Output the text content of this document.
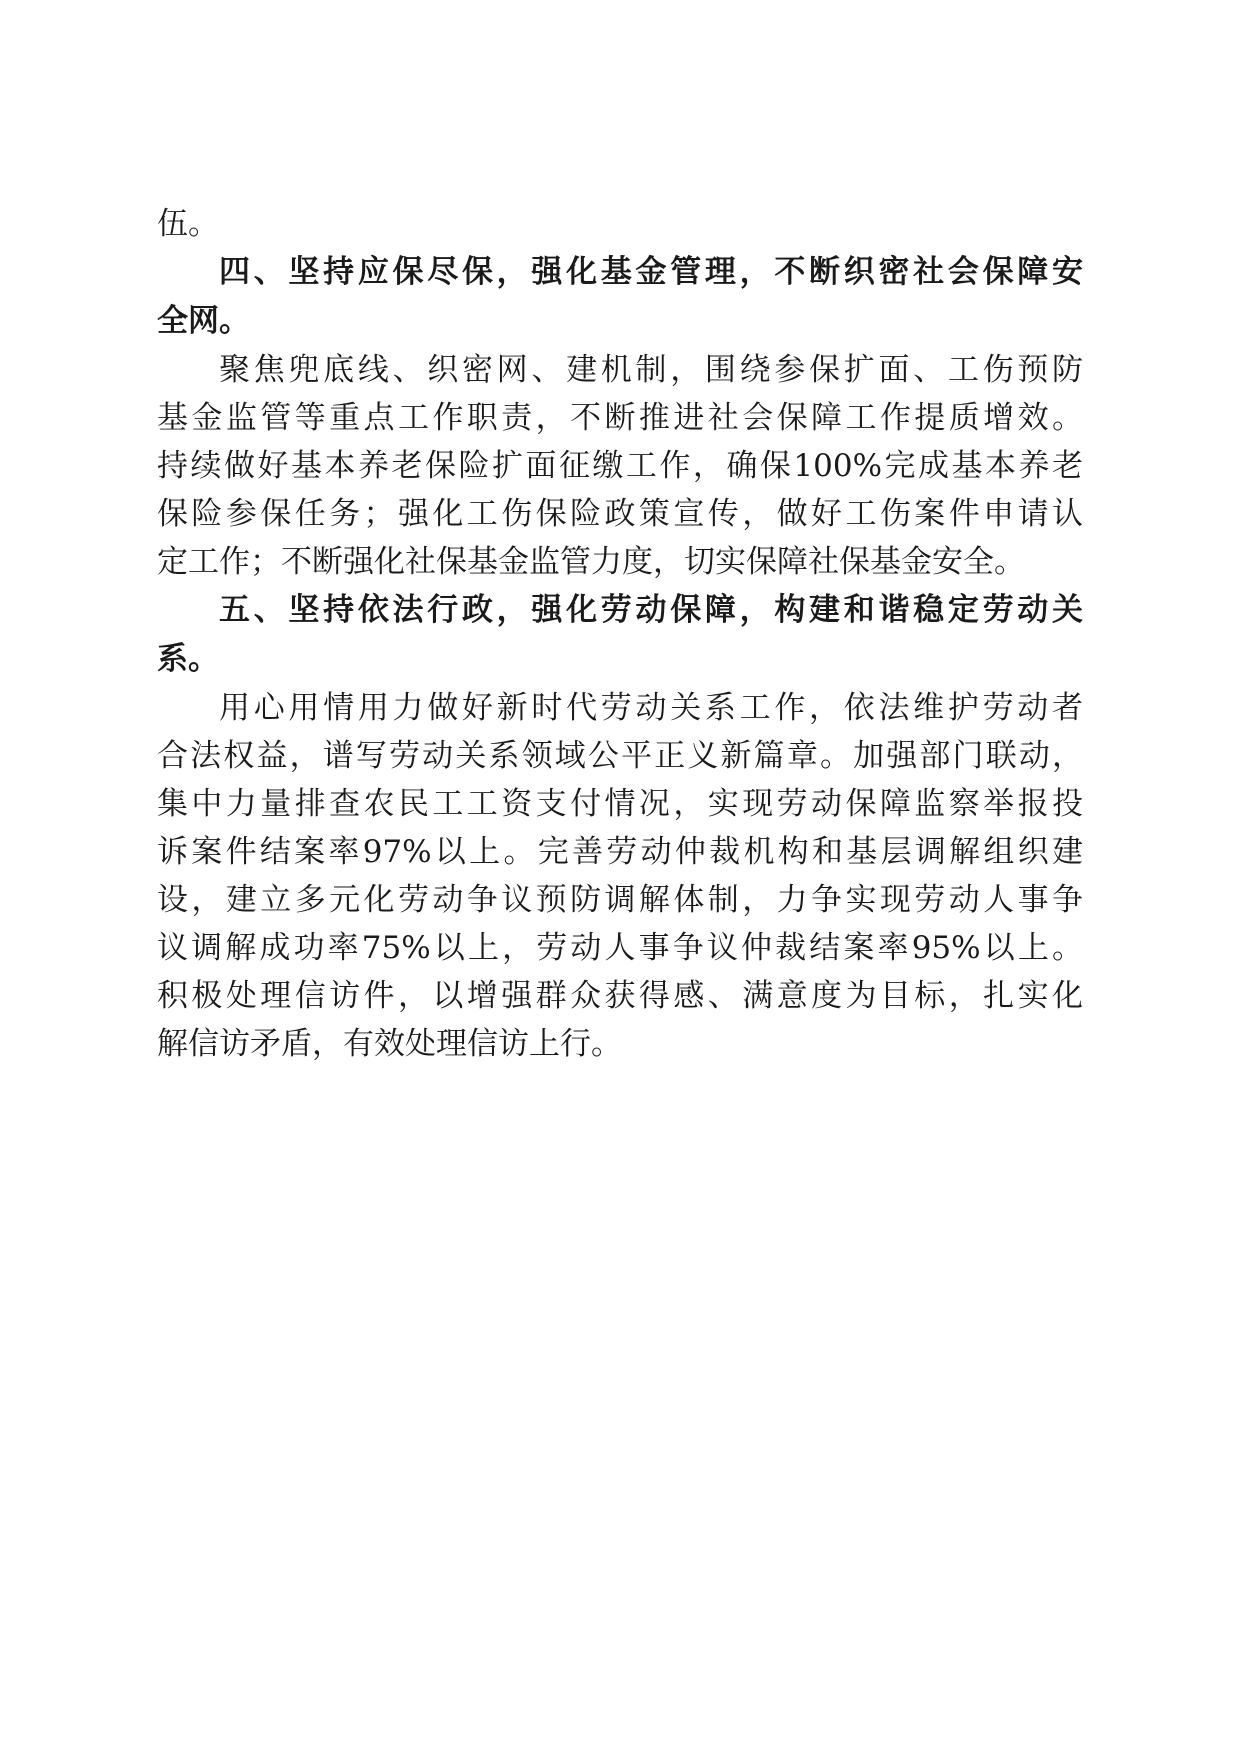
伍。
四、坚持应保尽保，强化基金管理，不断织密社会保障安
全网。
聚焦兜底线、织密网、建机制，围绕参保扩面、工伤预防
基金监管等重点工作职责，不断推进社会保障工作提质增效。
持续做好基本养老保险扩面征缴工作，确保100%完成基本养老
保险参保任务；强化工伤保险政策宣传，做好工伤案件申请认
定工作；不断强化社保基金监管力度，切实保障社保基金安全。
五、坚持依法行政，强化劳动保障，构建和谐稳定劳动关
系。
用心用情用力做好新时代劳动关系工作，依法维护劳动者
合法权益，谱写劳动关系领域公平正义新篇章。加强部门联动，
集中力量排查农民工工资支付情况，实现劳动保障监察举报投
诉案件结案率97%以上。完善劳动仲裁机构和基层调解组织建
设，建立多元化劳动争议预防调解体制，力争实现劳动人事争
议调解成功率75%以上，劳动人事争议仲裁结案率95%以上。
积极处理信访件，以增强群众获得感、满意度为目标，扎实化
解信访矛盾，有效处理信访上行。
